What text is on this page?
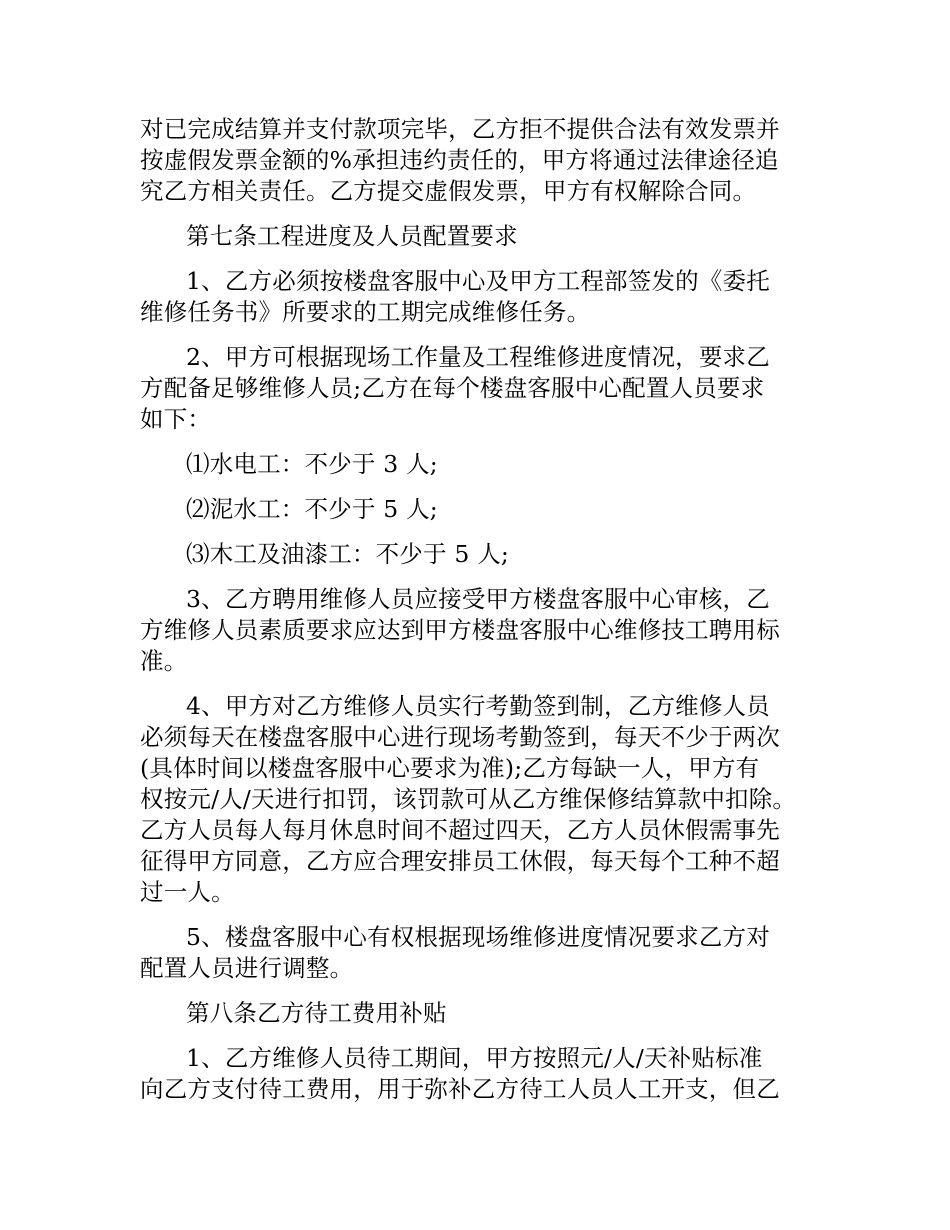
对已完成结算并支付款项完毕，乙方拒不提供合法有效发票并
按虚假发票金额的%承担违约责任的，甲方将通过法律途径追
究乙方相关责任。乙方提交虚假发票，甲方有权解除合同。
第七条工程进度及人员配置要求
1、乙方必须按楼盘客服中心及甲方工程部签发的《委托
维修任务书》所要求的工期完成维修任务。
2、甲方可根据现场工作量及工程维修进度情况，要求乙
方配备足够维修人员;乙方在每个楼盘客服中心配置人员要求
如下：
⑴水电工：不少于 3 人;
⑵泥水工：不少于 5 人;
⑶木工及油漆工：不少于 5 人;
3、乙方聘用维修人员应接受甲方楼盘客服中心审核，乙
方维修人员素质要求应达到甲方楼盘客服中心维修技工聘用标
准。
4、甲方对乙方维修人员实行考勤签到制，乙方维修人员
必须每天在楼盘客服中心进行现场考勤签到，每天不少于两次
(具体时间以楼盘客服中心要求为准);乙方每缺一人，甲方有
权按元/人/天进行扣罚，该罚款可从乙方维保修结算款中扣除。
乙方人员每人每月休息时间不超过四天，乙方人员休假需事先
征得甲方同意，乙方应合理安排员工休假，每天每个工种不超
过一人。
5、楼盘客服中心有权根据现场维修进度情况要求乙方对
配置人员进行调整。
第八条乙方待工费用补贴
1、乙方维修人员待工期间，甲方按照元/人/天补贴标准
向乙方支付待工费用，用于弥补乙方待工人员人工开支，但乙
